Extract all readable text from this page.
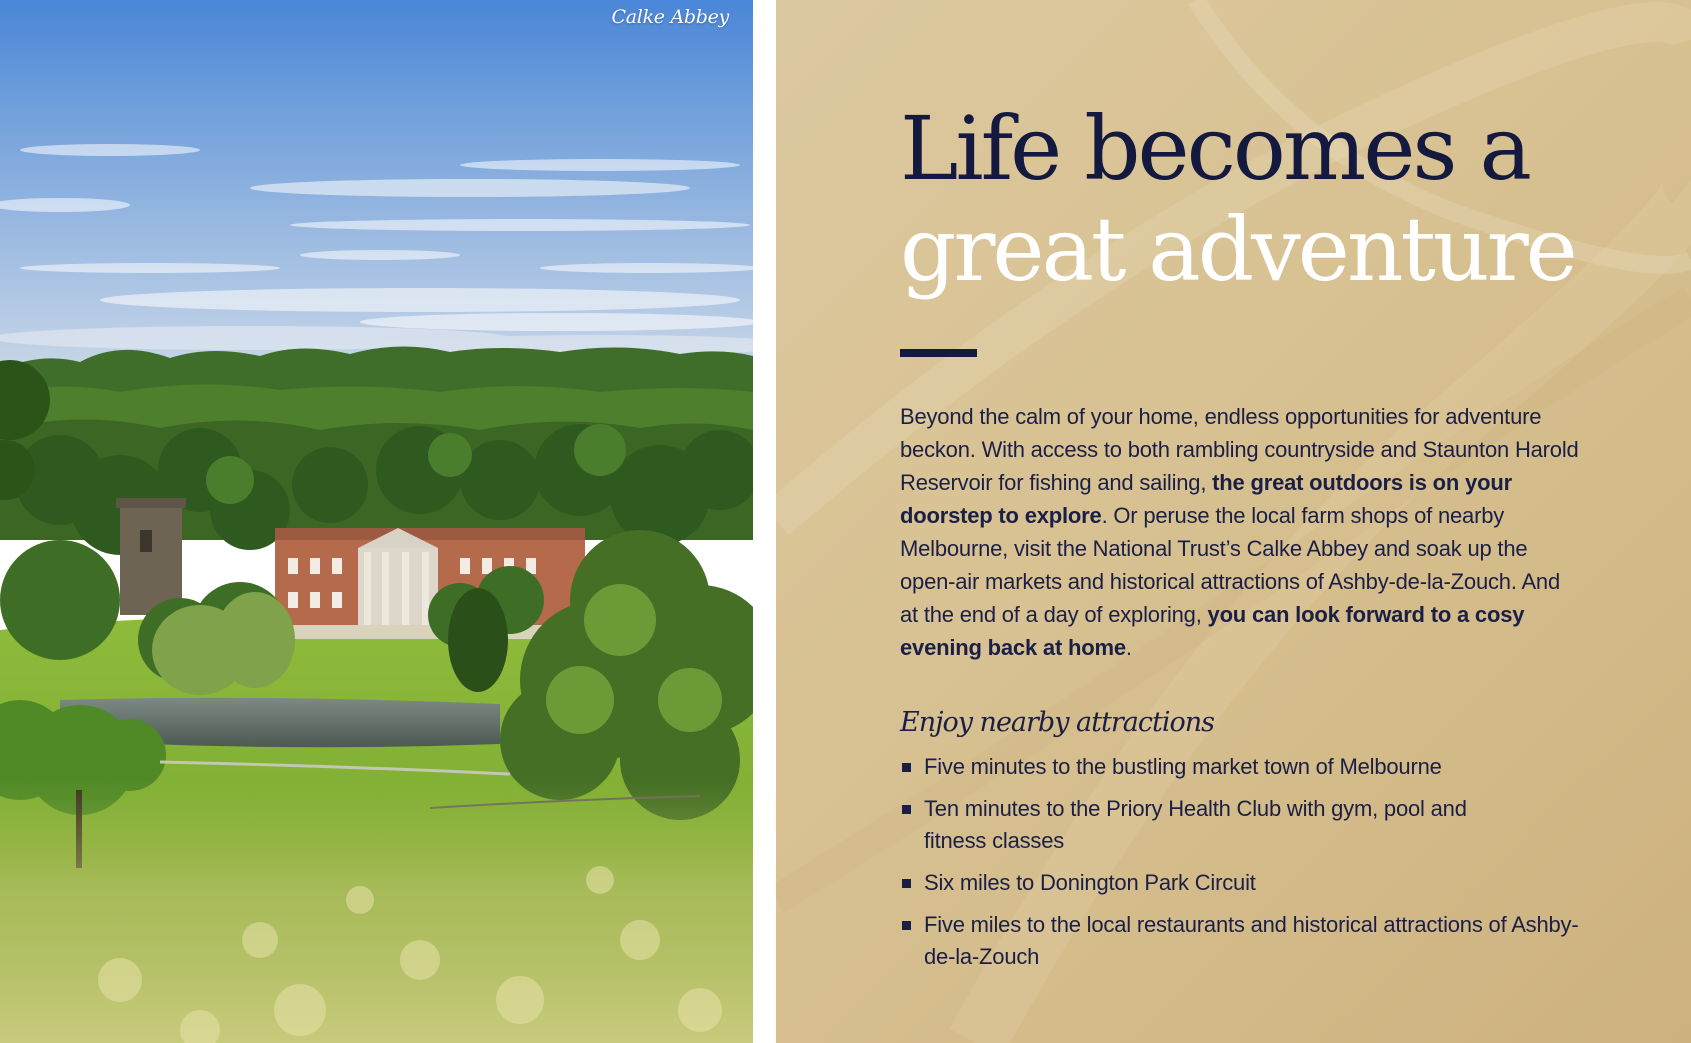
Calke Abbey
Life becomes a
great adventure

Beyond the calm of your home, endless opportunities for adventure beckon. With access to both rambling countryside and Staunton Harold Reservoir for fishing and sailing, the great outdoors is on your doorstep to explore. Or peruse the local farm shops of nearby Melbourne, visit the National Trust’s Calke Abbey and soak up the open-air markets and historical attractions of Ashby-de-la-Zouch. And at the end of a day of exploring, you can look forward to a cosy evening back at home.

Enjoy nearby attractions
Five minutes to the bustling market town of Melbourne
Ten minutes to the Priory Health Club with gym, pool and fitness classes
Six miles to Donington Park Circuit
Five miles to the local restaurants and historical attractions of Ashby-de-la-Zouch
